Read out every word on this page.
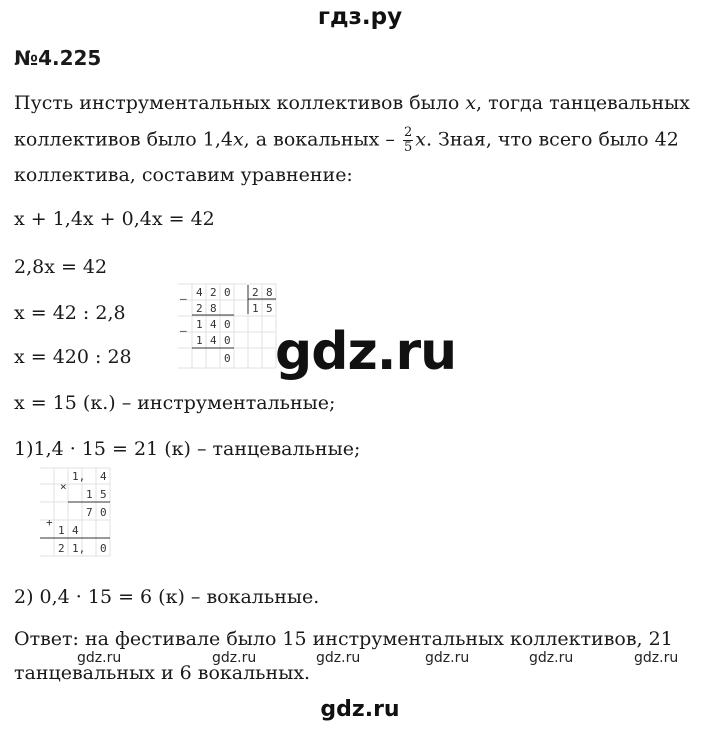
гдз.ру
№4.225
Пусть инструментальных коллективов было x, тогда танцевальных
коллективов было 1,4x, а вокальных – $\frac{2}{5} x$. Зная, что всего было 42
коллектива, составим уравнение:
x + 1,4x + 0,4x = 42
2,8x = 42
x = 42 : 2,8
x = 420 : 28
x = 15 (к.) – инструментальные;
–
–
4 2 0 2 8
2 8	1 5
1 4 0
1 4 0
0 gdz.ru
1)1,4 · 15 = 21 (к) – танцевальные;
×
+
1, 4
1 5
7 0
1 4
2 1, 0
2) 0,4 · 15 = 6 (к) – вокальные.
Ответ: на фестивале было 15 инструментальных коллективов, 21
танцевальных и 6 вокальных.
gdz.ru	gdz.ru	gdz.ru	gdz.ru	gdz.ru	gdz.ru
gdz.ru
